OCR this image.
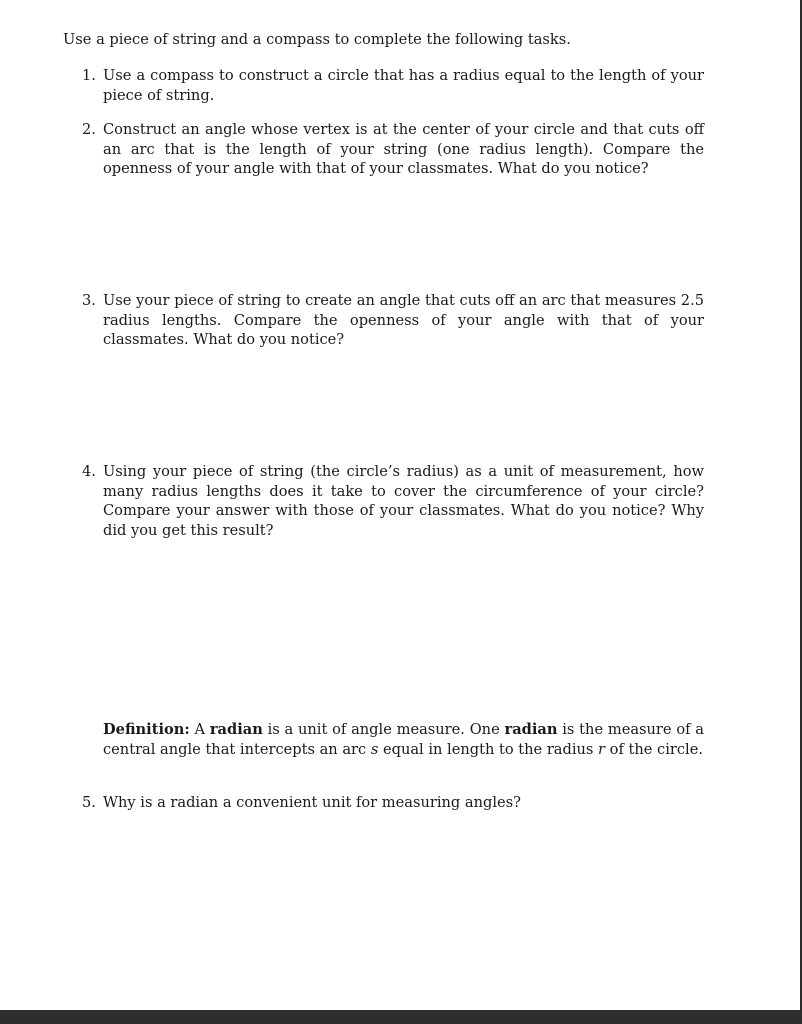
Use a piece of string and a compass to complete the following tasks.
1. Use a compass to construct a circle that has a radius equal to the length of your piece of string.
2. Construct an angle whose vertex is at the center of your circle and that cuts off an arc that is the length of your string (one radius length). Compare the openness of your angle with that of your classmates. What do you notice?
3. Use your piece of string to create an angle that cuts off an arc that measures 2.5 radius lengths. Compare the openness of your angle with that of your classmates. What do you notice?
4. Using your piece of string (the circle’s radius) as a unit of measurement, how many radius lengths does it take to cover the circumference of your circle? Compare your answer with those of your classmates. What do you notice? Why did you get this result?
Definition: A radian is a unit of angle measure. One radian is the measure of a central angle that intercepts an arc s equal in length to the radius r of the circle.
5. Why is a radian a convenient unit for measuring angles?
